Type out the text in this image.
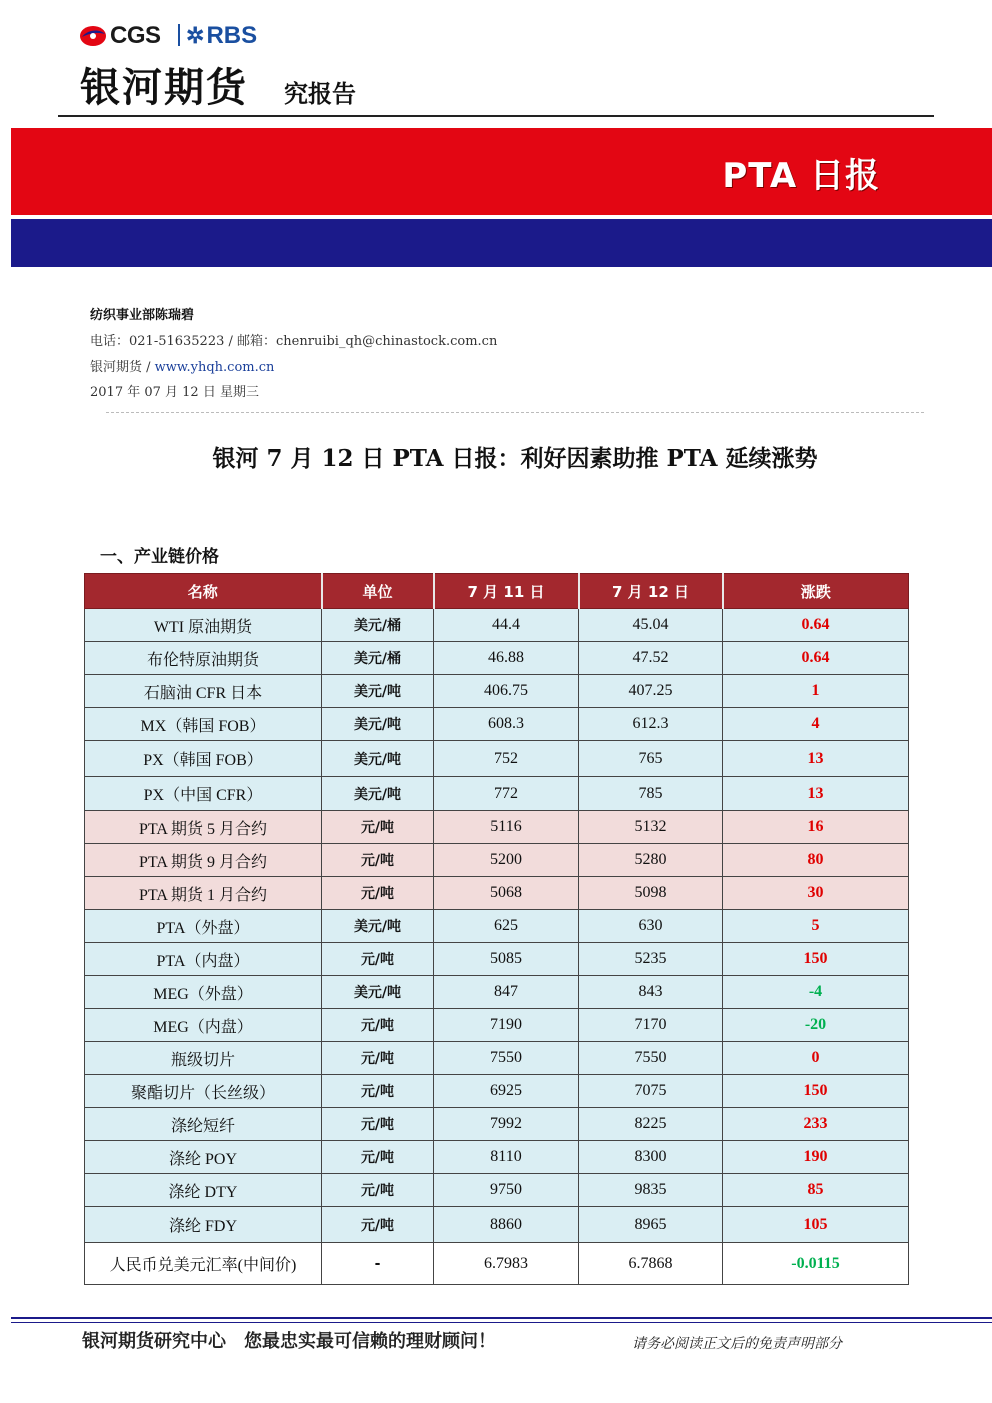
CGS ✲ RBS
银河期货 究报告
PTA 日报
纺织事业部陈瑞碧
电话：021-51635223 / 邮箱：chenruibi_qh@chinastock.com.cn
银河期货 / www.yhqh.com.cn
2017 年 07 月 12 日 星期三
银河 7 月 12 日 PTA 日报：利好因素助推 PTA 延续涨势
一、产业链价格
名称	单位	7 月 11 日	7 月 12 日	涨跌
WTI 原油期货	美元/桶	44.4	45.04	0.64
布伦特原油期货	美元/桶	46.88	47.52	0.64
石脑油 CFR 日本	美元/吨	406.75	407.25	1
MX（韩国 FOB）	美元/吨	608.3	612.3	4
PX（韩国 FOB）	美元/吨	752	765	13
PX（中国 CFR）	美元/吨	772	785	13
PTA 期货 5 月合约	元/吨	5116	5132	16
PTA 期货 9 月合约	元/吨	5200	5280	80
PTA 期货 1 月合约	元/吨	5068	5098	30
PTA（外盘）	美元/吨	625	630	5
PTA（内盘）	元/吨	5085	5235	150
MEG（外盘）	美元/吨	847	843	-4
MEG（内盘）	元/吨	7190	7170	-20
瓶级切片	元/吨	7550	7550	0
聚酯切片（长丝级）	元/吨	6925	7075	150
涤纶短纤	元/吨	7992	8225	233
涤纶 POY	元/吨	8110	8300	190
涤纶 DTY	元/吨	9750	9835	85
涤纶 FDY	元/吨	8860	8965	105
人民币兑美元汇率(中间价)	-	6.7983	6.7868	-0.0115
银河期货研究中心　您最忠实最可信赖的理财顾问！	请务必阅读正文后的免责声明部分
